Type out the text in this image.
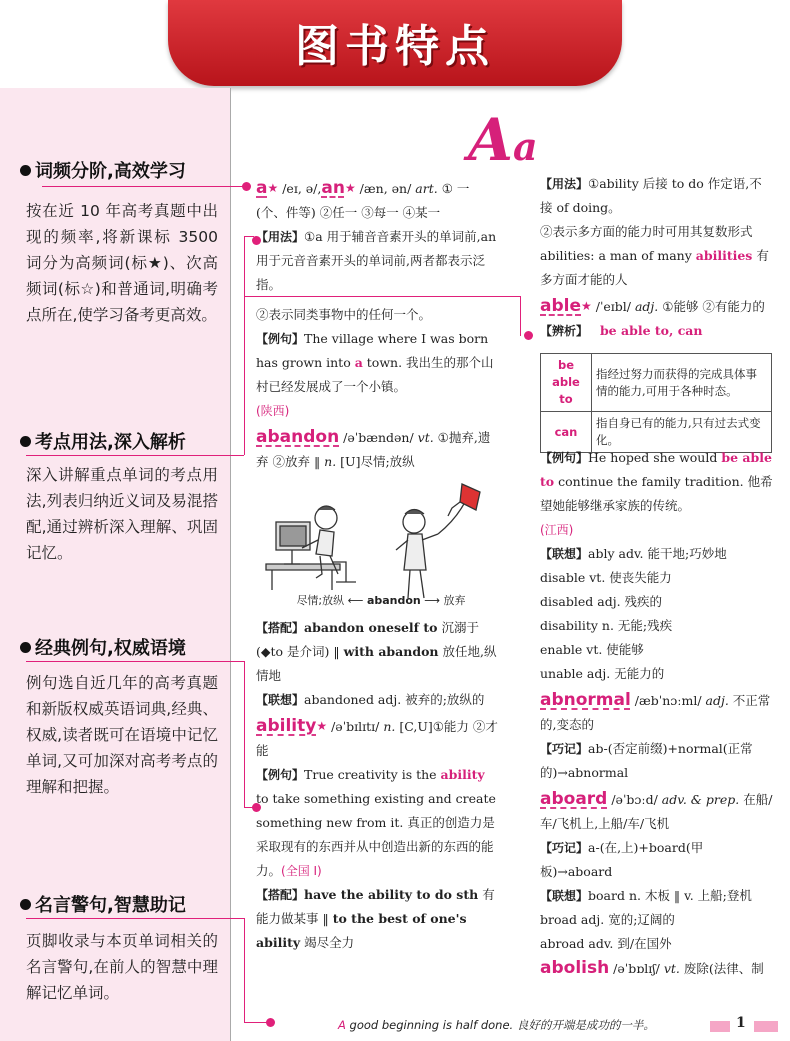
图书特点
词频分阶,高效学习
按在近 10 年高考真题中出现的频率,将新课标 3500 词分为高频词(标★)、次高频词(标☆)和普通词,明确考点所在,使学习备考更高效。
考点用法,深入解析
深入讲解重点单词的考点用法,列表归纳近义词及易混搭配,通过辨析深入理解、巩固记忆。
经典例句,权威语境
例句选自近几年的高考真题和新版权威英语词典,经典、权威,读者既可在语境中记忆单词,又可加深对高考考点的理解和把握。
名言警句,智慧助记
页脚收录与本页单词相关的名言警句,在前人的智慧中理解记忆单词。
Aa

a★ /eɪ, ə/,an★ /æn, ən/ art. ① 一(个、件等) ②任一 ③每一 ④某一

【用法】①a 用于辅音音素开头的单词前,an 用于元音音素开头的单词前,两者都表示泛指。

②表示同类事物中的任何一个。

【例句】The village where I was born has grown into a town. 我出生的那个山村已经发展成了一个小镇。

(陕西)

abandon /əˈbændən/ vt. ①抛弃,遗弃 ②放弃 ‖ n. [U]尽情;放纵

尽情;放纵 ⟵ abandon ⟶ 放弃

【搭配】abandon oneself to 沉溺于(◆to 是介词) ‖ with abandon 放任地,纵情地

【联想】abandoned adj. 被弃的;放纵的

ability★ /əˈbɪlɪtɪ/ n. [C,U]①能力 ②才能

【例句】True creativity is the ability to take something existing and create something new from it. 真正的创造力是采取现有的东西并从中创造出新的东西的能力。(全国 I)

【搭配】have the ability to do sth 有能力做某事 ‖ to the best of one's ability 竭尽全力

【用法】①ability 后接 to do 作定语,不接 of doing。

②表示多方面的能力时可用其复数形式 abilities: a man of many abilities 有多方面才能的人

able★ /ˈeɪbl/ adj. ①能够 ②有能力的

【辨析】 be able to, can

be able to	指经过努力而获得的完成具体事情的能力,可用于各种时态。
can	指自身已有的能力,只有过去式变化。

【例句】He hoped she would be able to continue the family tradition. 他希望她能够继承家族的传统。

(江西)

【联想】ably adv. 能干地;巧妙地

disable vt. 使丧失能力

disabled adj. 残疾的

disability n. 无能;残疾

enable vt. 使能够

unable adj. 无能力的

abnormal /æbˈnɔːml/ adj. 不正常的,变态的

【巧记】ab-(否定前缀)+normal(正常的)→abnormal

aboard /əˈbɔːd/ adv. & prep. 在船/车/飞机上,上船/车/飞机

【巧记】a-(在,上)+board(甲板)→aboard

【联想】board n. 木板 ‖ v. 上船;登机

broad adj. 宽的;辽阔的

abroad adv. 到/在国外

abolish /əˈbɒlɪʃ/ vt. 废除(法律、制

A good beginning is half done. 良好的开端是成功的一半。	1
